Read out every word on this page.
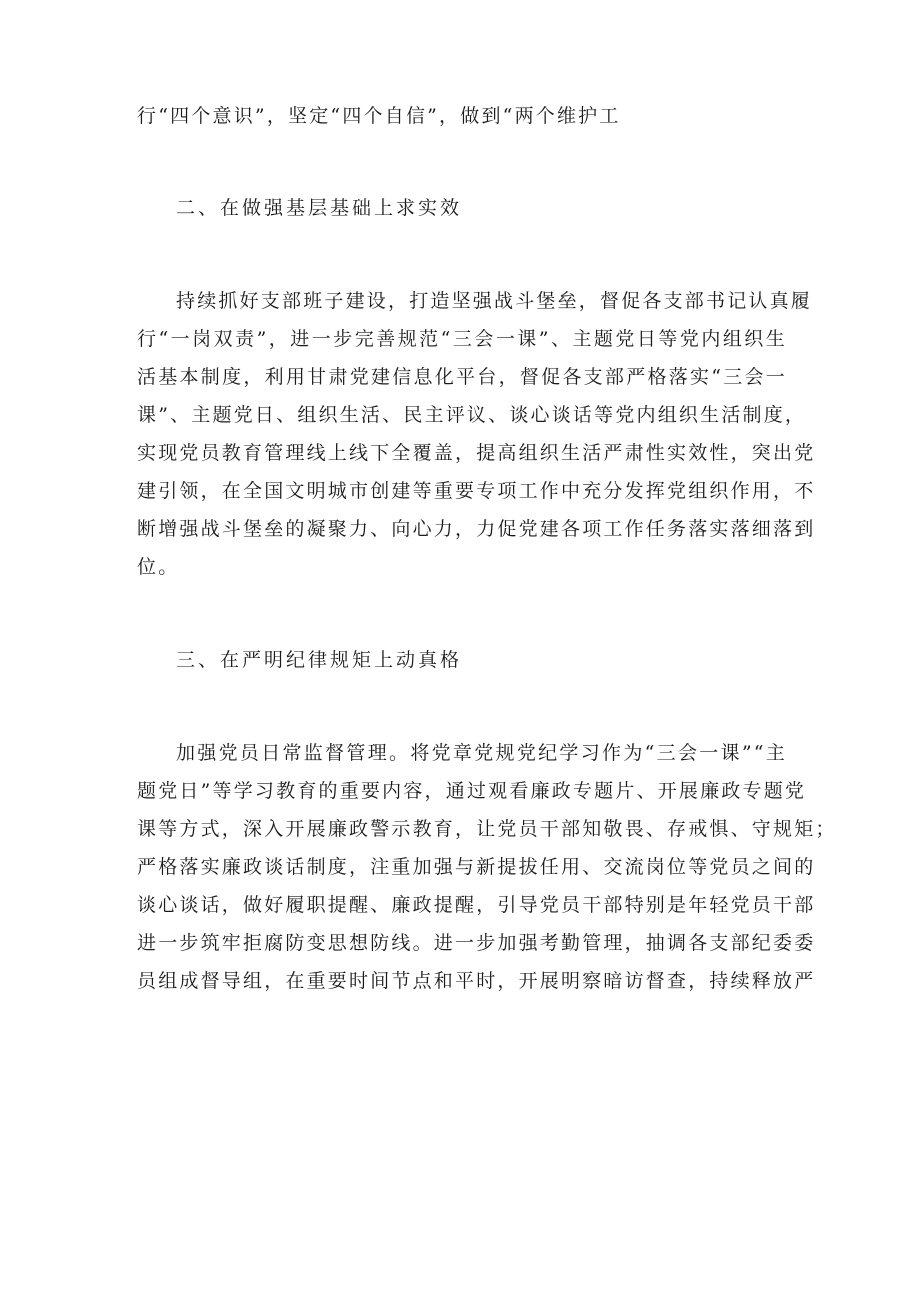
行“四个意识”，坚定“四个自信”，做到“两个维护工
二、在做强基层基础上求实效
持续抓好支部班子建设，打造坚强战斗堡垒，督促各支部书记认真履
行“一岗双责”，进一步完善规范“三会一课”、主题党日等党内组织生
活基本制度，利用甘肃党建信息化平台，督促各支部严格落实“三会一
课”、主题党日、组织生活、民主评议、谈心谈话等党内组织生活制度，
实现党员教育管理线上线下全覆盖，提高组织生活严肃性实效性，突出党
建引领，在全国文明城市创建等重要专项工作中充分发挥党组织作用，不
断增强战斗堡垒的凝聚力、向心力，力促党建各项工作任务落实落细落到
位。
三、在严明纪律规矩上动真格
加强党员日常监督管理。将党章党规党纪学习作为“三会一课”“主
题党日”等学习教育的重要内容，通过观看廉政专题片、开展廉政专题党
课等方式，深入开展廉政警示教育，让党员干部知敬畏、存戒惧、守规矩；
严格落实廉政谈话制度，注重加强与新提拔任用、交流岗位等党员之间的
谈心谈话，做好履职提醒、廉政提醒，引导党员干部特别是年轻党员干部
进一步筑牢拒腐防变思想防线。进一步加强考勤管理，抽调各支部纪委委
员组成督导组，在重要时间节点和平时，开展明察暗访督查，持续释放严
